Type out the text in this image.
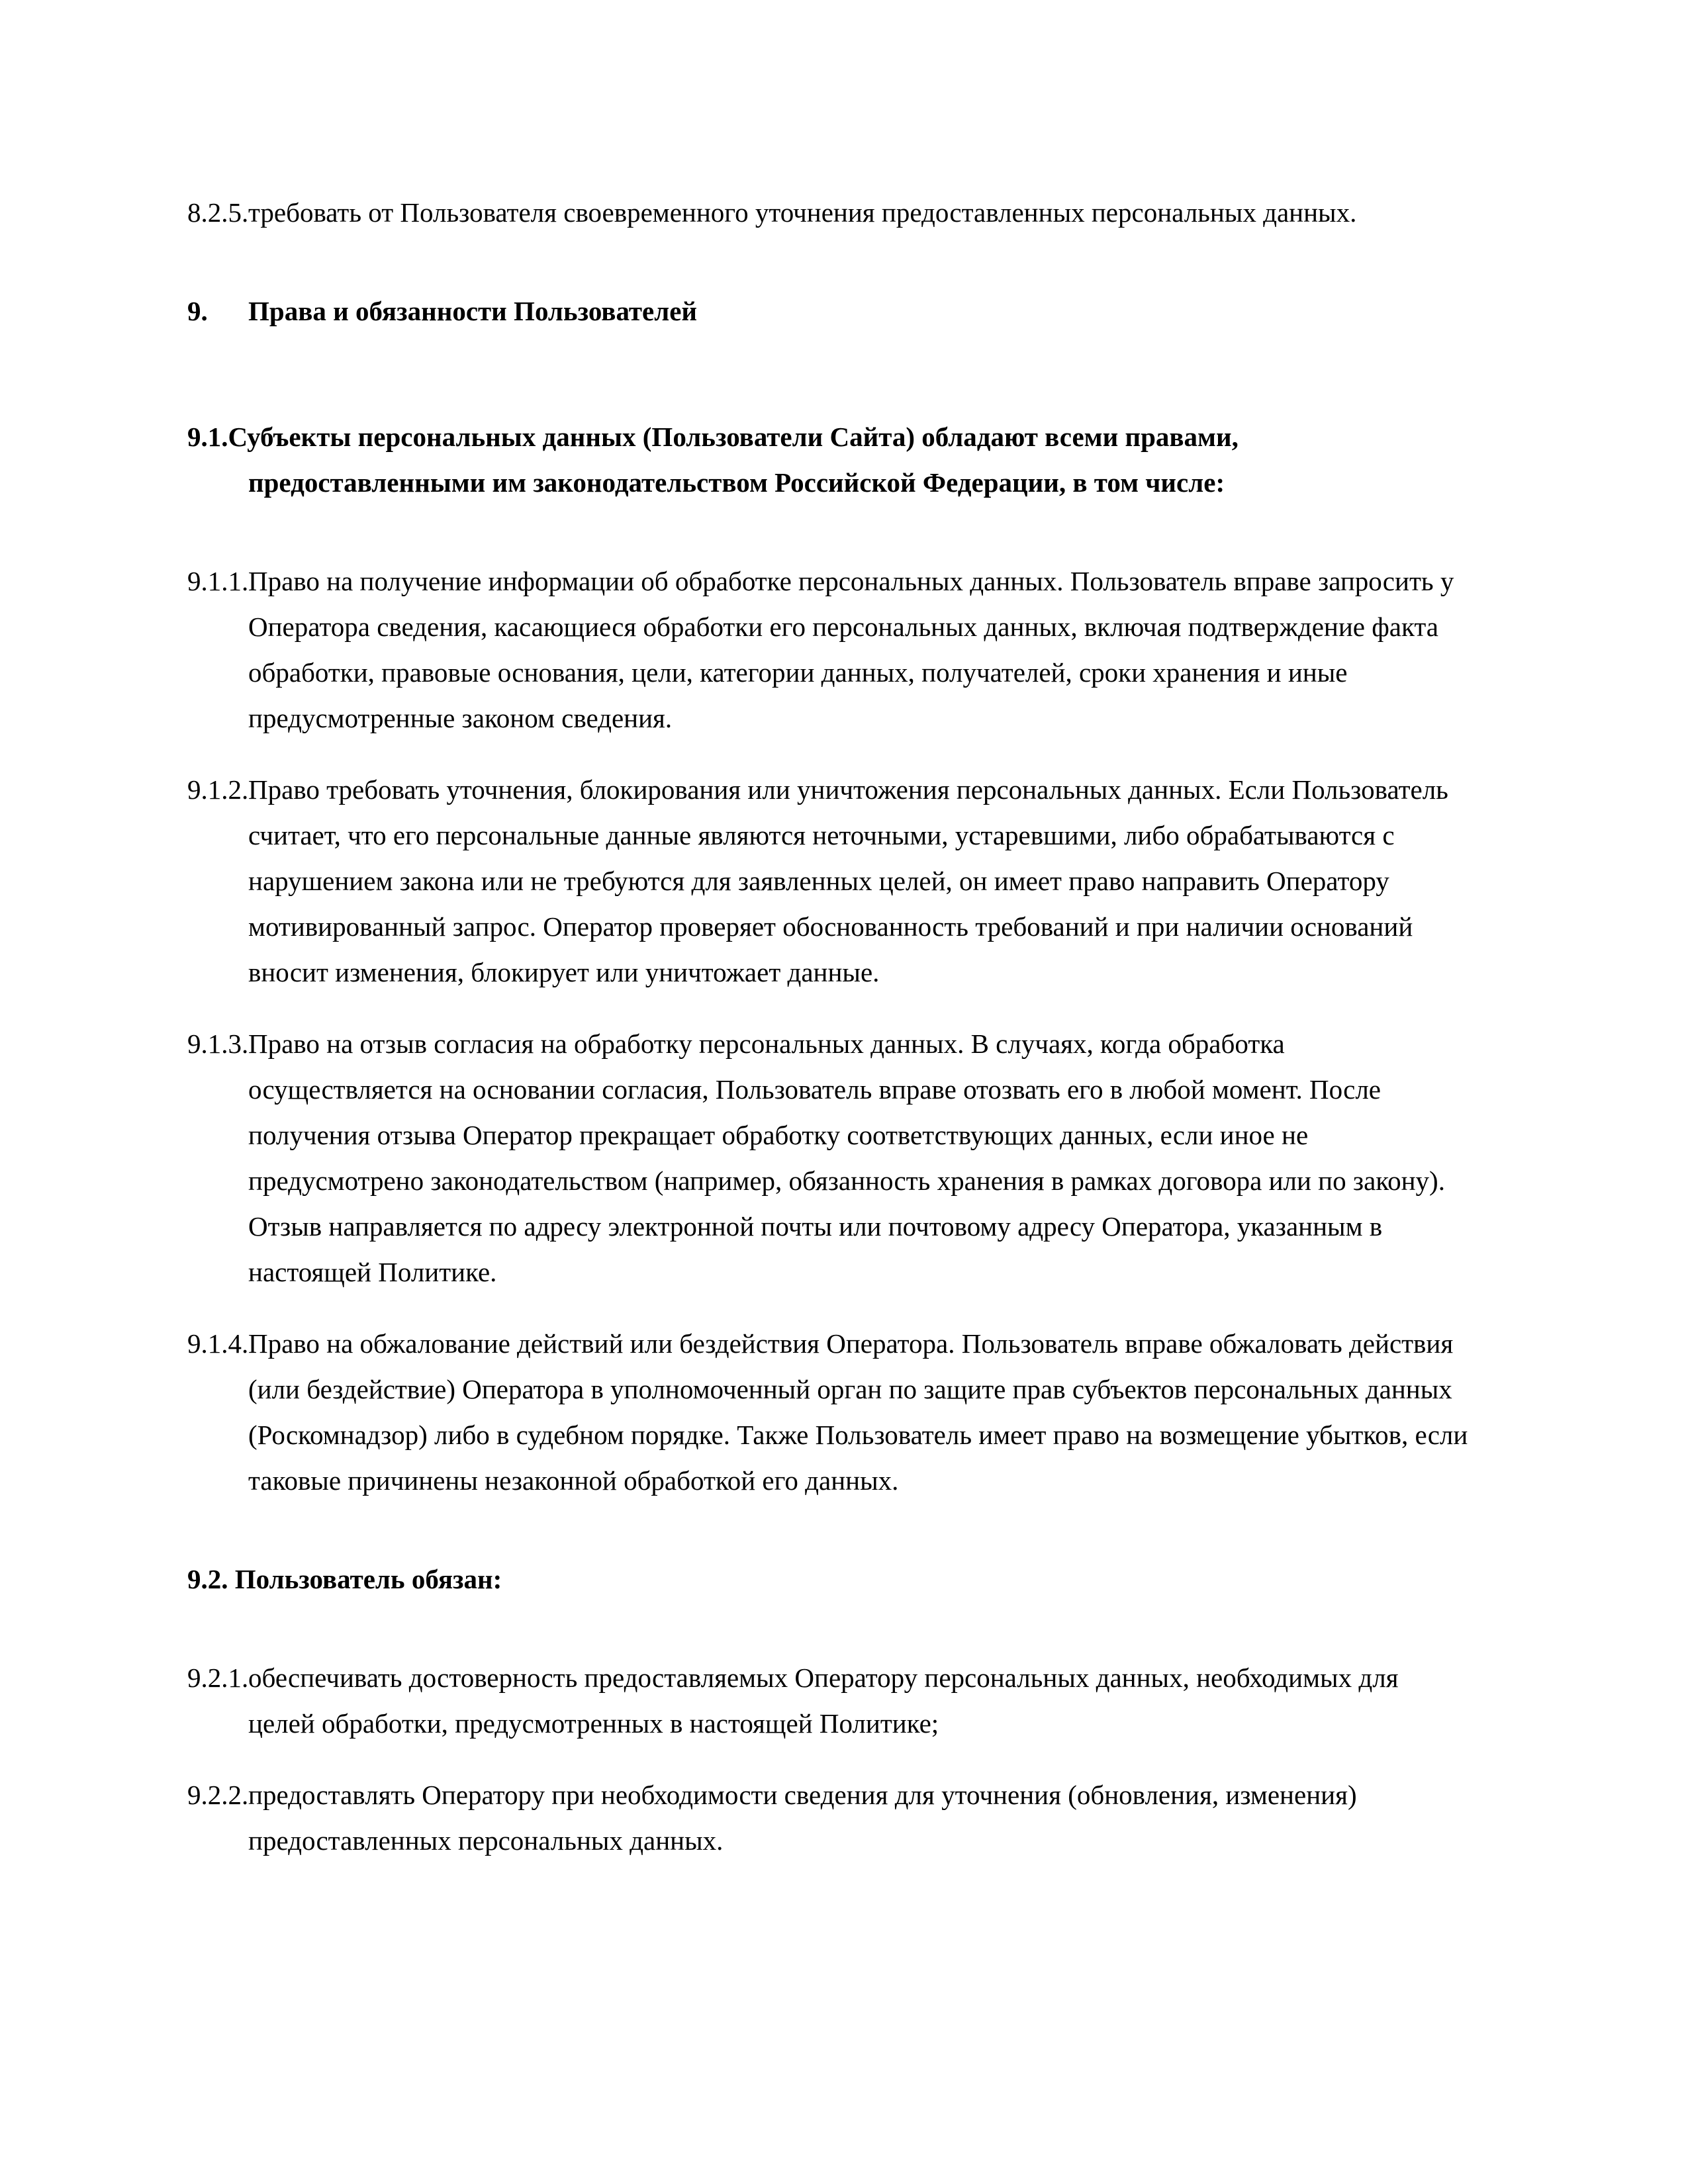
8.2.5. требовать от Пользователя своевременного уточнения предоставленных персональных данных.

9. Права и обязанности Пользователей

9.1.Субъекты персональных данных (Пользователи Сайта) обладают всеми правами, предоставленными им законодательством Российской Федерации, в том числе:

9.1.1. Право на получение информации об обработке персональных данных. Пользователь вправе запросить у Оператора сведения, касающиеся обработки его персональных данных, включая подтверждение факта обработки, правовые основания, цели, категории данных, получателей, сроки хранения и иные предусмотренные законом сведения.

9.1.2. Право требовать уточнения, блокирования или уничтожения персональных данных. Если Пользователь считает, что его персональные данные являются неточными, устаревшими, либо обрабатываются с нарушением закона или не требуются для заявленных целей, он имеет право направить Оператору мотивированный запрос. Оператор проверяет обоснованность требований и при наличии оснований вносит изменения, блокирует или уничтожает данные.

9.1.3. Право на отзыв согласия на обработку персональных данных. В случаях, когда обработка осуществляется на основании согласия, Пользователь вправе отозвать его в любой момент. После получения отзыва Оператор прекращает обработку соответствующих данных, если иное не предусмотрено законодательством (например, обязанность хранения в рамках договора или по закону). Отзыв направляется по адресу электронной почты или почтовому адресу Оператора, указанным в настоящей Политике.

9.1.4. Право на обжалование действий или бездействия Оператора. Пользователь вправе обжаловать действия (или бездействие) Оператора в уполномоченный орган по защите прав субъектов персональных данных (Роскомнадзор) либо в судебном порядке. Также Пользователь имеет право на возмещение убытков, если таковые причинены незаконной обработкой его данных.

9.2. Пользователь обязан:

9.2.1. обеспечивать достоверность предоставляемых Оператору персональных данных, необходимых для целей обработки, предусмотренных в настоящей Политике;

9.2.2. предоставлять Оператору при необходимости сведения для уточнения (обновления, изменения) предоставленных персональных данных.
